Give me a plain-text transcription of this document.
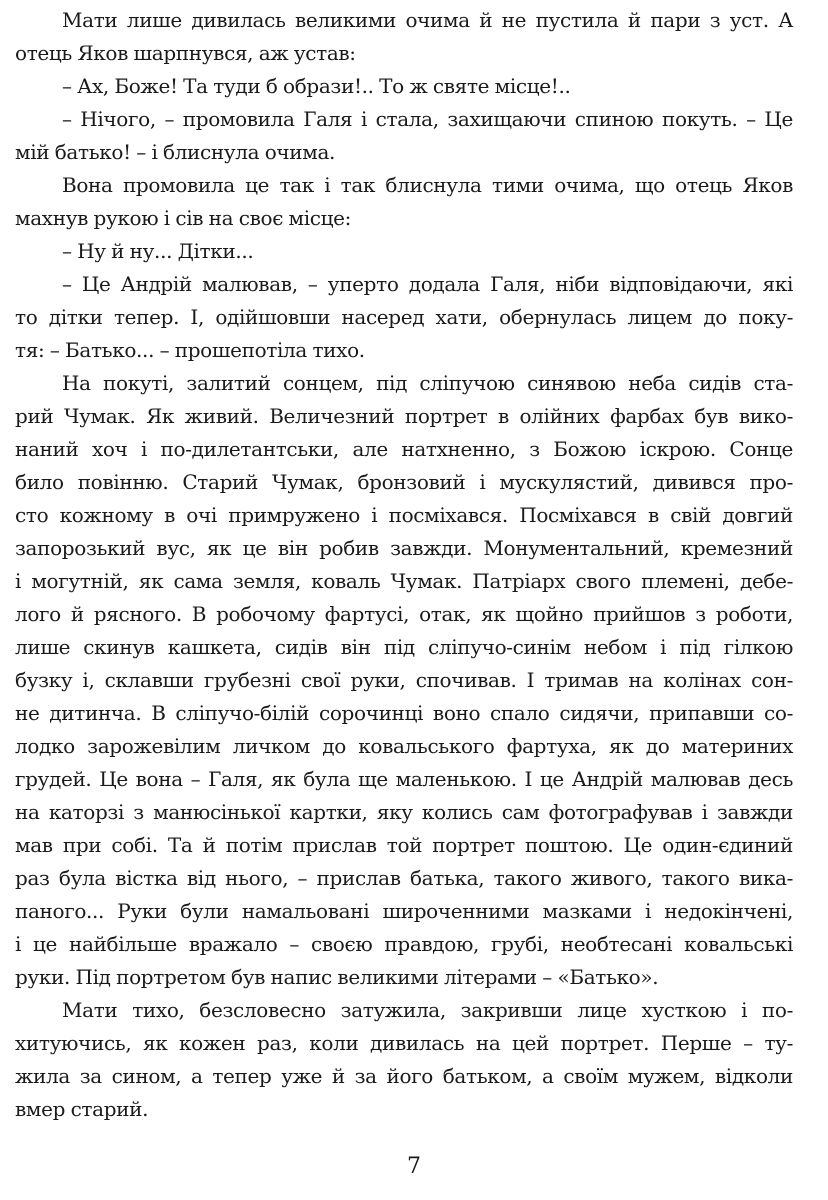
Мати лише дивилась великими очима й не пустила й пари з уст. А
отець Яков шарпнувся, аж устав:
– Ах, Боже! Та туди б образи!.. То ж святе місце!..
– Нічого, – промовила Галя і стала, захищаючи спиною покуть. – Це
мій батько! – і блиснула очима.
Вона промовила це так і так блиснула тими очима, що отець Яков
махнув рукою і сів на своє місце:
– Ну й ну... Дітки...
– Це Андрій малював, – уперто додала Галя, ніби відповідаючи, які
то дітки тепер. І, одійшовши насеред хати, обернулась лицем до поку-
тя: – Батько... – прошепотіла тихо.
На покуті, залитий сонцем, під сліпучою синявою неба сидів ста-
рий Чумак. Як живий. Величезний портрет в олійних фарбах був вико-
наний хоч і по-дилетантськи, але натхненно, з Божою іскрою. Сонце
било повінню. Старий Чумак, бронзовий і мускулястий, дивився про-
сто кожному в очі примружено і посміхався. Посміхався в свій довгий
запорозький вус, як це він робив завжди. Монументальний, кремезний
і могутній, як сама земля, коваль Чумак. Патріарх свого племені, дебе-
лого й рясного. В робочому фартусі, отак, як щойно прийшов з роботи,
лише скинув кашкета, сидів він під сліпучо-синім небом і під гілкою
бузку і, склавши грубезні свої руки, спочивав. І тримав на колінах сон-
не дитинча. В сліпучо-білій сорочинці воно спало сидячи, припавши со-
лодко зарожевілим личком до ковальського фартуха, як до материних
грудей. Це вона – Галя, як була ще маленькою. І це Андрій малював десь
на каторзі з манюсінької картки, яку колись сам фотографував і завжди
мав при собі. Та й потім прислав той портрет поштою. Це один-єдиний
раз була вістка від нього, – прислав батька, такого живого, такого вика-
паного... Руки були намальовані широченними мазками і недокінчені,
і це найбільше вражало – своєю правдою, грубі, необтесані ковальські
руки. Під портретом був напис великими літерами – «Батько».
Мати тихо, безсловесно затужила, закривши лице хусткою і по-
хитуючись, як кожен раз, коли дивилась на цей портрет. Перше – ту-
жила за сином, а тепер уже й за його батьком, а своїм мужем, відколи
вмер старий.
7
